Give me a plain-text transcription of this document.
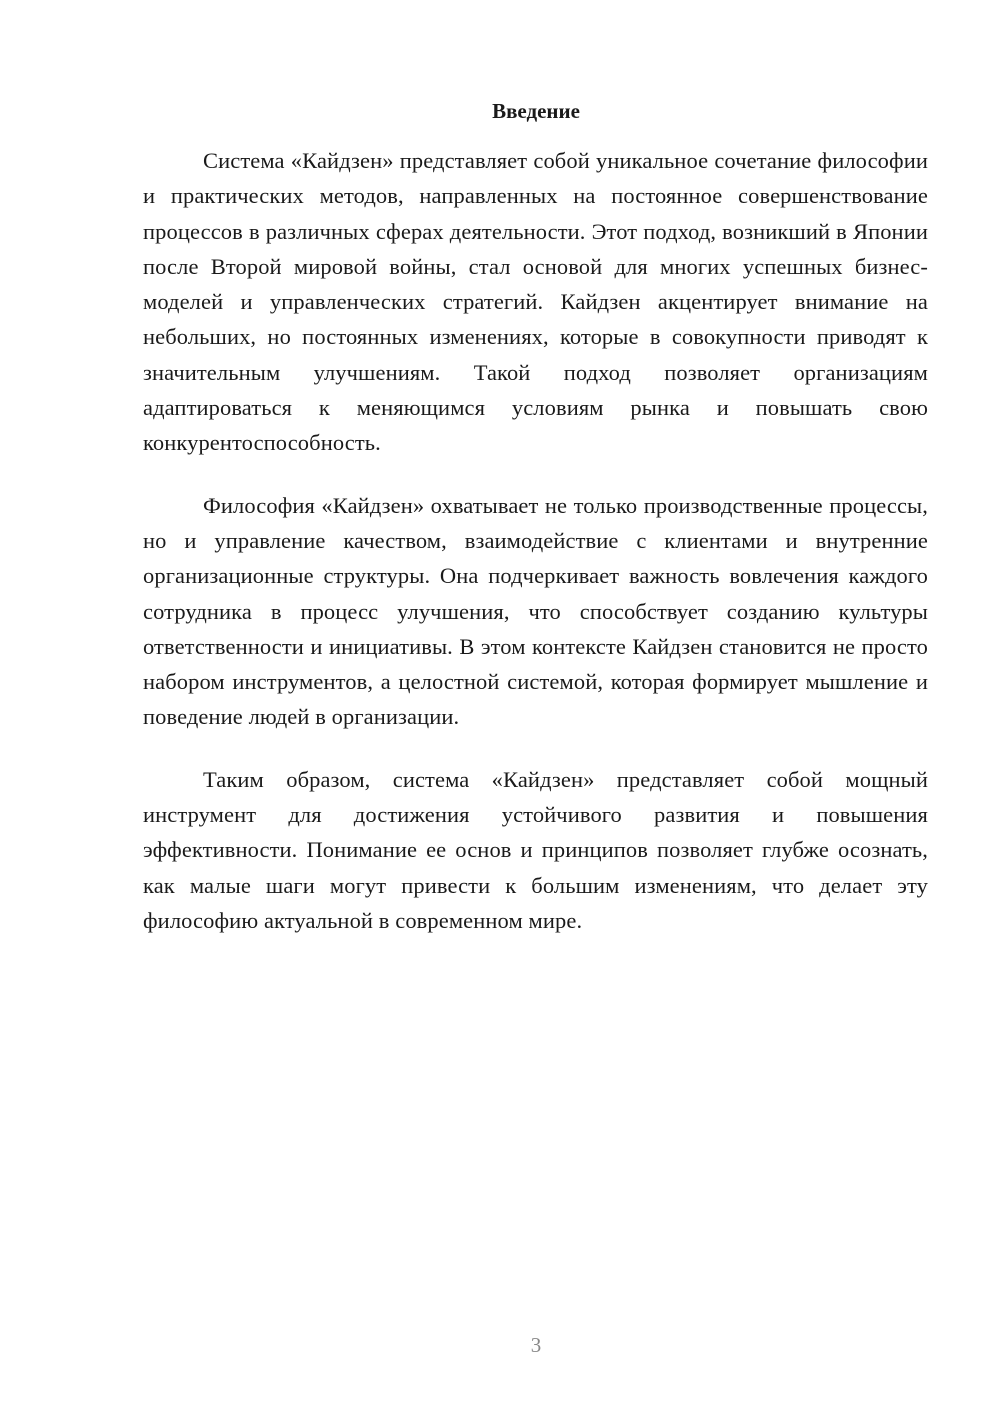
Введение

Система «Кайдзен» представляет собой уникальное сочетание философии и практических методов, направленных на постоянное совершенствование процессов в различных сферах деятельности. Этот подход, возникший в Японии после Второй мировой войны, стал основой для многих успешных бизнес-моделей и управленческих стратегий. Кайдзен акцентирует внимание на небольших, но постоянных изменениях, которые в совокупности приводят к значительным улучшениям. Такой подход позволяет организациям адаптироваться к меняющимся условиям рынка и повышать свою конкурентоспособность.

Философия «Кайдзен» охватывает не только производственные процессы, но и управление качеством, взаимодействие с клиентами и внутренние организационные структуры. Она подчеркивает важность вовлечения каждого сотрудника в процесс улучшения, что способствует созданию культуры ответственности и инициативы. В этом контексте Кайдзен становится не просто набором инструментов, а целостной системой, которая формирует мышление и поведение людей в организации.

Таким образом, система «Кайдзен» представляет собой мощный инструмент для достижения устойчивого развития и повышения эффективности. Понимание ее основ и принципов позволяет глубже осознать, как малые шаги могут привести к большим изменениям, что делает эту философию актуальной в современном мире.

3
